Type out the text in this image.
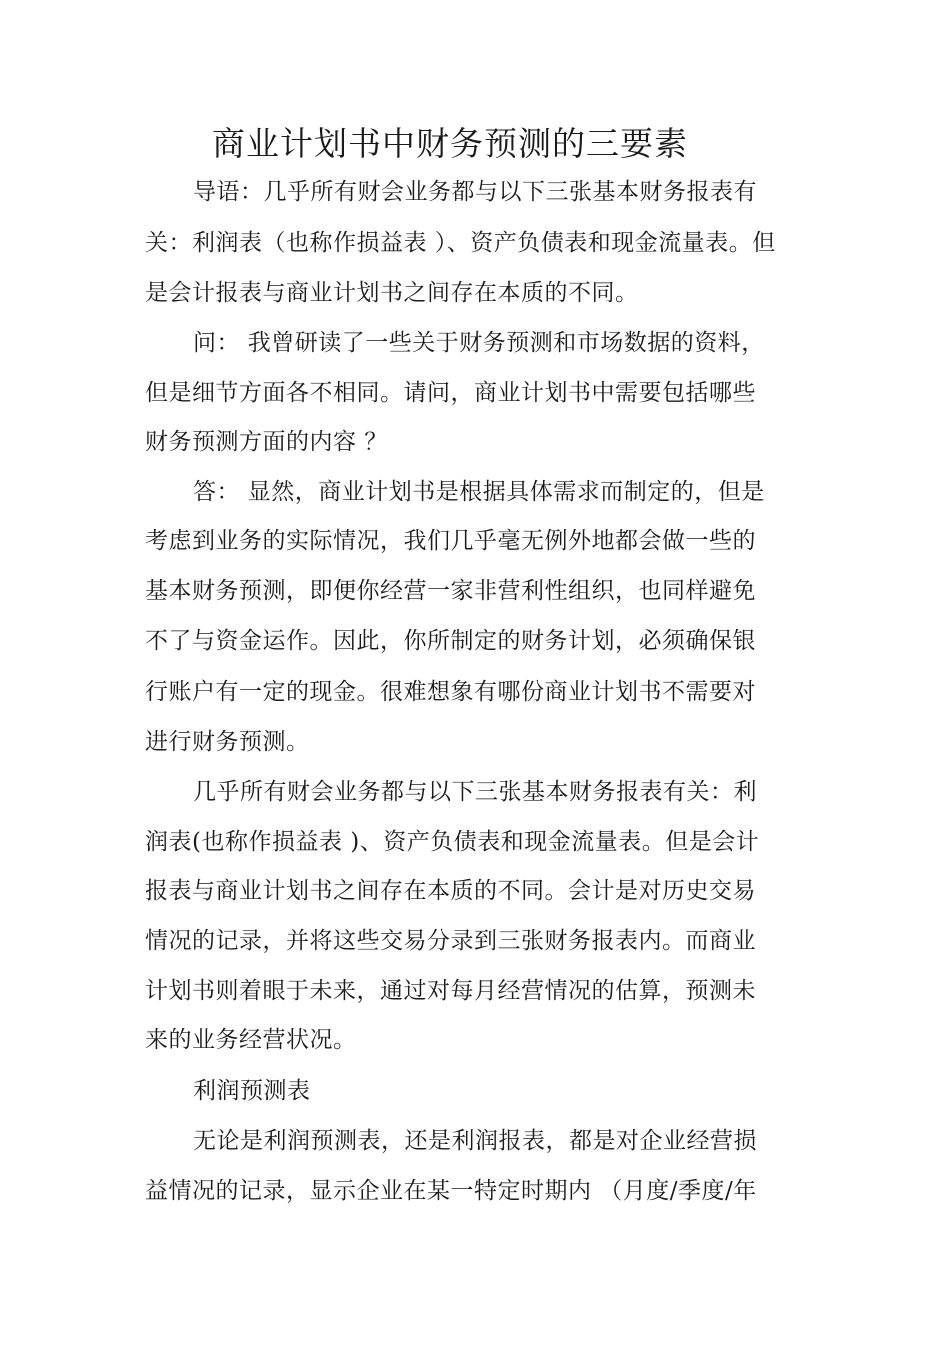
商业计划书中财务预测的三要素

导语：几乎所有财会业务都与以下三张基本财务报表有

关：利润表（也称作损益表 ）、资产负债表和现金流量表。但

是会计报表与商业计划书之间存在本质的不同。

问： 我曾研读了一些关于财务预测和市场数据的资料，

但是细节方面各不相同。请问，商业计划书中需要包括哪些

财务预测方面的内容 ？

答： 显然，商业计划书是根据具体需求而制定的，但是

考虑到业务的实际情况，我们几乎毫无例外地都会做一些的

基本财务预测，即便你经营一家非营利性组织，也同样避免

不了与资金运作。因此，你所制定的财务计划，必须确保银

行账户有一定的现金。很难想象有哪份商业计划书不需要对

进行财务预测。

几乎所有财会业务都与以下三张基本财务报表有关：利

润表(也称作损益表 )、资产负债表和现金流量表。但是会计

报表与商业计划书之间存在本质的不同。会计是对历史交易

情况的记录，并将这些交易分录到三张财务报表内。而商业

计划书则着眼于未来，通过对每月经营情况的估算，预测未

来的业务经营状况。

利润预测表

无论是利润预测表，还是利润报表，都是对企业经营损

益情况的记录，显示企业在某一特定时期内 （月度/季度/年
